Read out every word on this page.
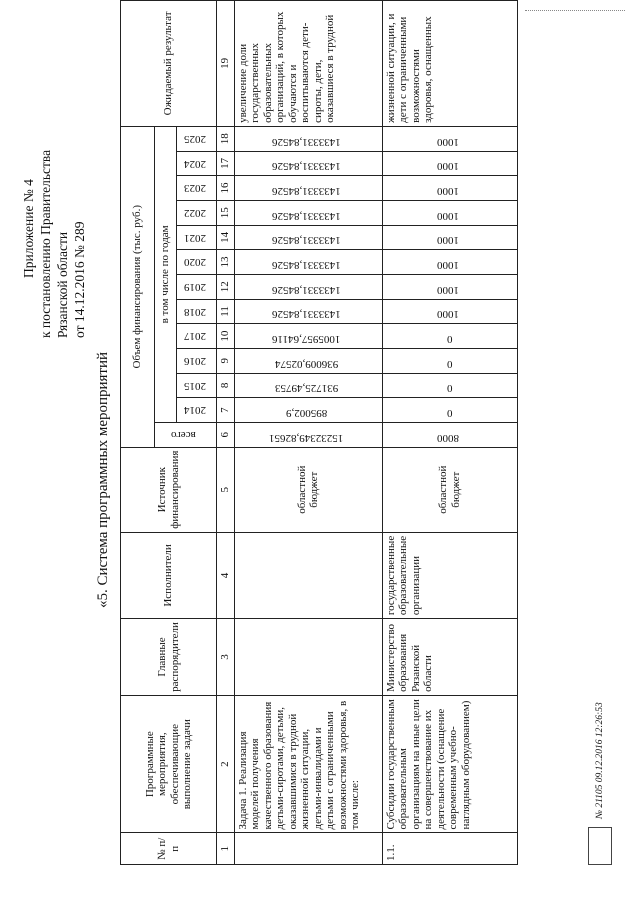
Приложение № 4 к постановлению Правительства Рязанской области от 14.12.2016 № 289
«5. Система программных мероприятий
№ п/п	Программные мероприятия, обеспечивающие выполнение задачи	Главные распорядители	Исполнители	Источник финансирования	Объем финансирования (тыс. руб.)													Ожидаемый результат
					всего	в том числе по годам												
						2014	2015	2016	2017	2018	2019	2020	2021	2022	2023	2024	2025	
1	2	3	4	5	6	7	8	9	10	11	12	13	14	15	16	17	18	19
	Задача 1. Реализация моделей получения качественного образования детьми-сиротами, детьми, оказавшимися в трудной жизненной ситуации, детьми-инвалидами и детьми с ограниченными возможностями здоровья, в том числе:			областной бюджет	15232349,82651	895002,9	931725,49753	936009,02574	1005957,64116	1433331,84526	1433331,84526	1433331,84526	1433331,84526	1433331,84526	1433331,84526	1433331,84526	1433331,84526	увеличение доли государственных образовательных организаций, в которых обучаются и воспитываются дети-сироты, дети, оказавшиеся в трудной
1.1.	Субсидии государственным образовательным организациям на иные цели на совершенствование их деятельности (оснащение современным учебно-наглядным оборудованием)	Министерство образования Рязанской области	государственные образовательные организации	областной бюджет	8000	0	0	0	0	1000	1000	1000	1000	1000	1000	1000	1000	жизненной ситуации, и дети с ограниченными возможностями здоровья, оснащенных
№ 21105 09.12.2016 12:26:53
